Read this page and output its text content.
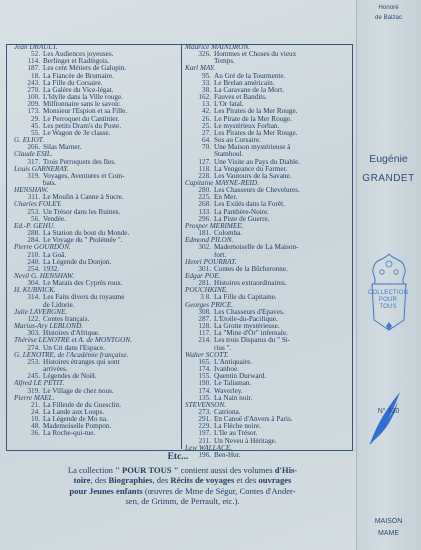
Jean DRAULT.
52. Les Audiences joyeuses.
114. Berlinget et Radingois.
187. Les cent Métiers de Galupin.
18. La Fiancée de Brumaire.
243. La Fille du Corsaire.
270. La Galère du Vice-légat.
100. L'Idylle dans la Ville rouge.
209. Millionnaire sans le savoir.
173. Monsieur l'Espion et sa Fille.
29. Le Perroquet du Cantinier.
45. Les petits Dram's du Poste.
55. Le Wagon de 3e classe.
G. ELIOT.
266. Silas Marner.
Claude ESIL.
317. Trois Perroquets des Iles.
Louis GARNERAY.
319. Voyages, Aventures et Com-
bats.
HENSHAW.
311. Le Moulin à Canne à Sucre.
Charles FOLEY.
253. Un Trésor dans les Ruines.
56. Vendée.
Ed.-P. GÉHU.
288. La Station du bout du Monde.
284. Le Voyage du " Ptolémée ".
Pierre GOURDON.
210. La Goâ.
240. La Légende du Donjon.
254. 1932.
Nevil G. HENSHAW.
304. Le Marais des Cyprès roux.
H. KUBNICK.
314. Les Faits divers du royaume
de Lidorie.
Julie LAVERGNE.
122. Contes français.
Marius-Ary LEBLOND.
303. Histoires d'Afrique.
Thérèse LENOTRE et A. de MONTGON.
274. Un Cri dans l'Espace.
G. LENOTRE, de l'Académie française.
253. Histoires étranges qui sont
arrivées.
245. Légendes de Noël.
Alfred LE PETIT.
319. Le Village de chez nous.
Pierre MAËL.
21. La Filleule de du Guesclin.
24. La Lande aux Loups.
10. La Légende de Mo na.
48. Mademoiselle Pompon.
36. La Roche-qui-tue.
Maurice MAINDRON.
326. Hommes et Choses du vieux
Temps.
Karl MAY.
95. Au Gré de la Tourmente.
33. Le Brelan américain.
38. La Caravane de la Mort.
162. Fauves et Bandits.
13. L'Or fatal.
42. Les Pirates de la Mer Rouge.
26. Le Pirate de la Mer Rouge.
25. Le mystérieux Forban.
27. Les Pirates de la Mer Rouge.
64. Sus au Corsaire.
70. Une Maison mystérieuse à
Stamboul.
127. Une Visite au Pays du Diable.
118. La Vengeance du Farmer.
228. Les Vautours de la Savane.
Capitaine MAYNE-REID.
280. Les Chasseurs de Chevelures.
225. En Mer.
268. Les Exilés dans la Forêt.
133. La Panthère-Noire.
296. La Piste de Guerre.
Prosper MÉRIMÉE.
181. Colomba.
Edmond PILON.
302. Mademoiselle de La Maison-
fort.
Henri POURRAT.
301. Contes de la Bûcheronne.
Edgar POE.
281. Histoires extraordinaires.
POUCHKINE.
3 8. La Fille du Capitaine.
Georges PRICE.
308. Les Chasseurs d'Épaves.
287. L'Étoile-du-Pacifique.
128. La Grotte mystérieuse.
117. La "Mine d'Or" infernale.
214. Les trois Disparus du " Si-
rius ".
Walter SCOTT.
165. L'Antiquaire.
174. Ivanhoe.
155. Quentin Durward.
190. Le Talisman.
174. Waverley.
135. La Nain noir.
STEVENSON.
273. Catriona.
291. En Canoë d'Anvers à Paris.
229. La Flèche noire.
197. L'Ile au Trésor.
211. Un Neveu à Héritage.
Lew WALLACE.
196. Ben-Hur.
Etc...
La collection " POUR TOUS " contient aussi des volumes d'His-
toire, des Biographies, des Récits de voyages et des ouvrages
pour Jeunes enfants (œuvres de Mme de Ségur, Contes d'Ander-
sen, de Grimm, de Perrault, etc.).
Honoré
de Balzac
Eugénie
GRANDET
COLLECTION
POUR
TOUS
N° 330
MAISON
MAME
